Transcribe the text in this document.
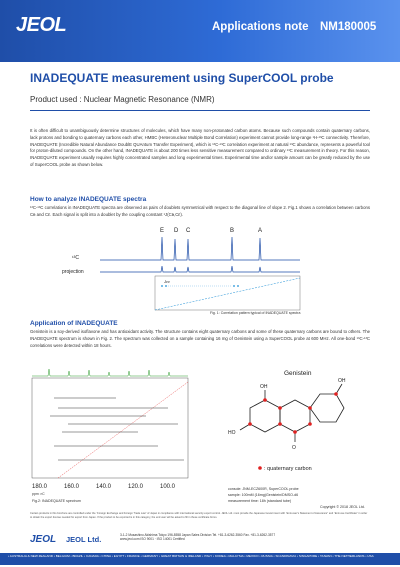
JEOL	Applications note NM180005
INADEQUATE measurement using SuperCOOL probe
Product used : Nuclear Magnetic Resonance (NMR)
It is often difficult to unambiguously determine structures of molecules, which have many non-protonated carbon atoms. Because such compounds contain quaternary carbons, lack protons and bonding to quaternary carbons each other, HMBC (Heteronuclear Multiple Bond Correlation) experiment cannot provide long-range ¹H-¹³C connectivity. Therefore, INADEQUATE (Incredible Natural Abundance DoublE QUAntum Transfer Experiment), which is ¹³C-¹³C correlation experiment at natural ¹³C abundance, represents a powerful tool for proton-diluted compounds. On the other hand, INADEQUATE is about 200 times less sensitive measurement compared to ordinary ¹³C measurement in theory. For this reason, INADEQUATE experiment usually requires highly concentrated samples and long experimental times. Experimental time and/or sample amount can be greatly reduced by the use of SuperCOOL probe as shown below.
How to analyze INADEQUATE spectra
¹³C-¹³C correlations in INADEQUATE spectra are observed as pairs of doublets symmetrical with respect to the diagonal line of slope 2. Fig.1 shows a correlation between carbons Cᴃ and Cᴇ. Each signal is split into a doublet by the coupling constant ¹J(Cᴃ,Cᴇ).
E D C	B	A
¹³C
projection
Jcc
Fig. 1: Correlation pattern typical of INADEQUATE spectra
Application of INADEQUATE
Genistein is a soy-derived isoflavone and has antioxidant activity. The structure contains eight quaternary carbons and some of these quaternary carbons are bound to others. The INADEQUATE spectrum is shown in Fig. 2. The spectrum was collected on a sample containing 16 mg of Genistein using a SuperCOOL probe at 600 MHz. All one-bond ¹³C-¹³C correlations were detected within 18 hours.
180.0	160.0	140.0	120.0	100.0
ppm ¹³C
Fig.2: INADEQUATE spectrum
Genistein
OH
HO
OH
O
: quaternary carbon
console: JNM-ECZ600R, SuperCOOL probe
sample: 100mM (16mg)Genistein/DMSO-d6
measurement time: 18h (standard tube)
Copyright © 2018 JEOL Ltd.
Certain products in this brochure are controlled under the “Foreign Exchange and Foreign Trade Law” of Japan in compliance with international security export control. JEOL Ltd. must provide the Japanese Government with “End-user's Statement of Assurance” and “End-use Certificate” in order to obtain the export license needed for export from Japan. If the product to be exported is in this category, the end user will be asked to fill in these certificate forms.
JEOL JEOL Ltd.	3-1-2 Musashino Akishima Tokyo 196-8558 Japan Sales Division Tel. +81-3-6262-3560 Fax. +81-3-6262-3577
www.jeol.com ISO 9001 · ISO 14001 Certified
• AUSTRALIA & NEW ZEALAND • BELGIUM • BRAZIL • CANADA • CHINA • EGYPT • FRANCE • GERMANY • GREAT BRITAIN & IRELAND • ITALY • KOREA • MALAYSIA • MEXICO • RUSSIA • SCANDINAVIA • SINGAPORE • TAIWAN • THE NETHERLANDS • USA
